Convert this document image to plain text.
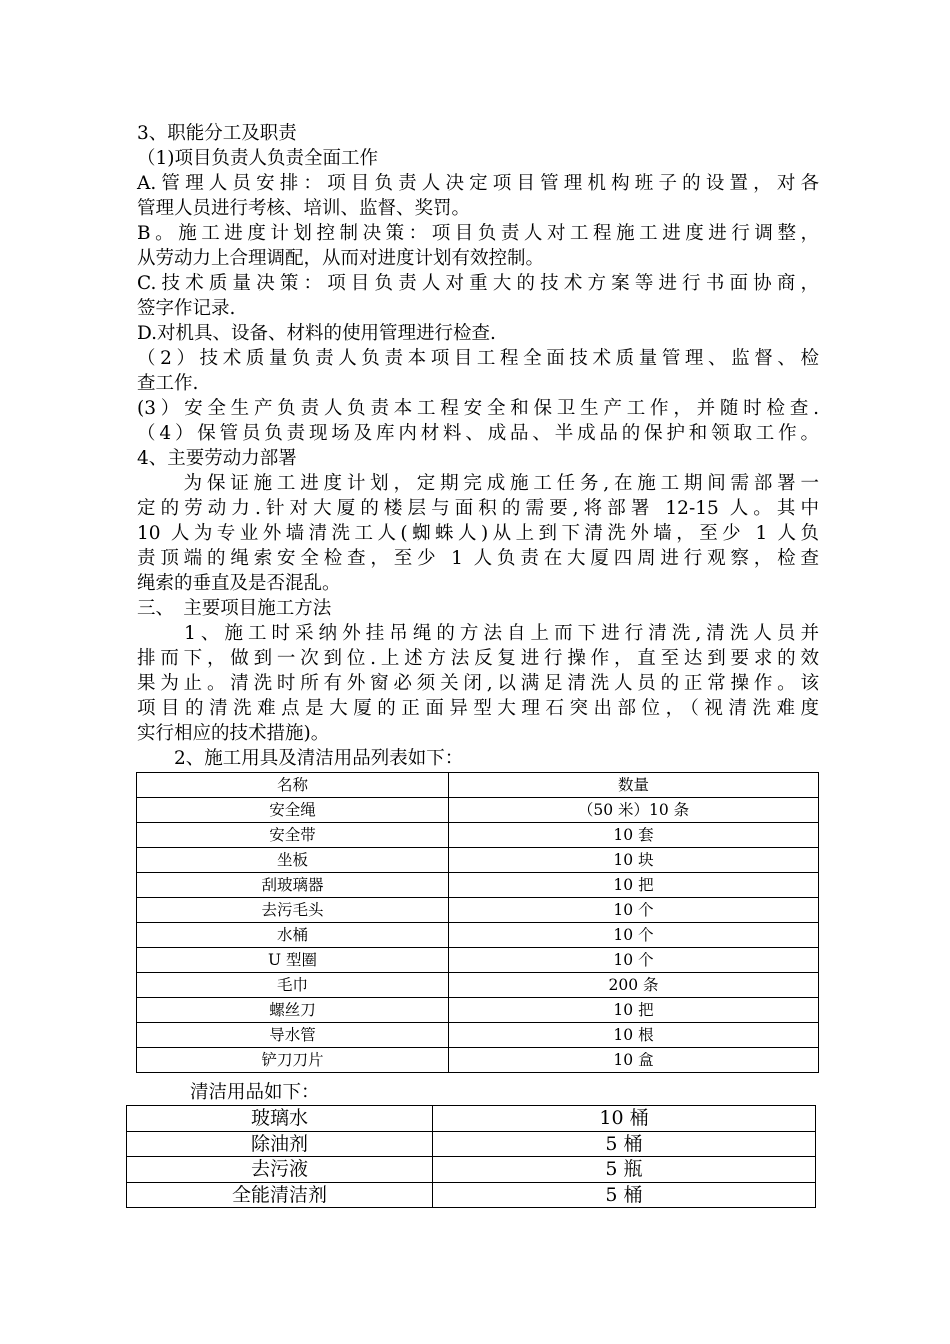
3、职能分工及职责
（1)项目负责人负责全面工作
A.管理人员安排：项目负责人决定项目管理机构班子的设置，对各
管理人员进行考核、培训、监督、奖罚。
B。施工进度计划控制决策：项目负责人对工程施工进度进行调整，
从劳动力上合理调配，从而对进度计划有效控制。
C.技术质量决策：项目负责人对重大的技术方案等进行书面协商，
签字作记录.
D.对机具、设备、材料的使用管理进行检查.
（2）技术质量负责人负责本项目工程全面技术质量管理、监督、检
查工作.
(3）安全生产负责人负责本工程安全和保卫生产工作，并随时检查.
（4）保管员负责现场及库内材料、成品、半成品的保护和领取工作。
4、主要劳动力部署
　　为保证施工进度计划，定期完成施工任务,在施工期间需部署一
定的劳动力.针对大厦的楼层与面积的需要,将部署 12-15 人。其中
10 人为专业外墙清洗工人(蜘蛛人)从上到下清洗外墙，至少 1 人负
责顶端的绳索安全检查，至少 1 人负责在大厦四周进行观察，检查
绳索的垂直及是否混乱。
三、　主要项目施工方法
　　1、施工时采纳外挂吊绳的方法自上而下进行清洗,清洗人员并
排而下，做到一次到位.上述方法反复进行操作，直至达到要求的效
果为止。清洗时所有外窗必须关闭,以满足清洗人员的正常操作。该
项目的清洗难点是大厦的正面异型大理石突出部位，（视清洗难度
实行相应的技术措施)。
　　2、施工用具及清洁用品列表如下：
名称	数量
安全绳	（50 米）10 条
安全带	10 套
坐板	10 块
刮玻璃器	10 把
去污毛头	10 个
水桶	10 个
U 型圈	10 个
毛巾	200 条
螺丝刀	10 把
导水管	10 根
铲刀刀片	10 盒
清洁用品如下：
玻璃水	10 桶
除油剂	5 桶
去污液	5 瓶
全能清洁剂	5 桶
